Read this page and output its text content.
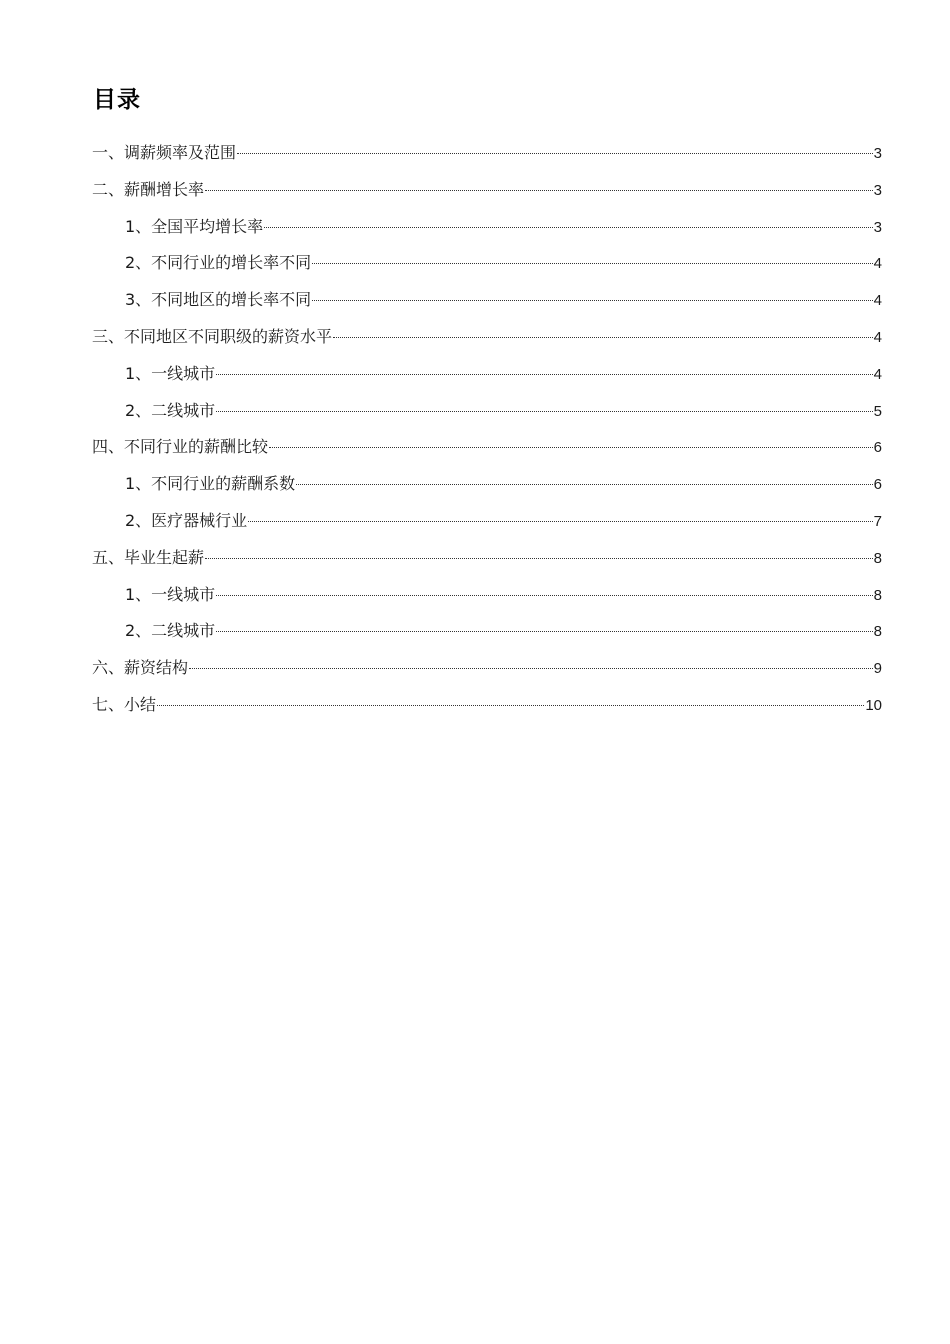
目录
一、调薪频率及范围	3
二、薪酬增长率	3
1、全国平均增长率	3
2、不同行业的增长率不同	4
3、不同地区的增长率不同	4
三、不同地区不同职级的薪资水平	4
1、一线城市	4
2、二线城市	5
四、不同行业的薪酬比较	6
1、不同行业的薪酬系数	6
2、医疗器械行业	7
五、毕业生起薪	8
1、一线城市	8
2、二线城市	8
六、薪资结构	9
七、小结	10
